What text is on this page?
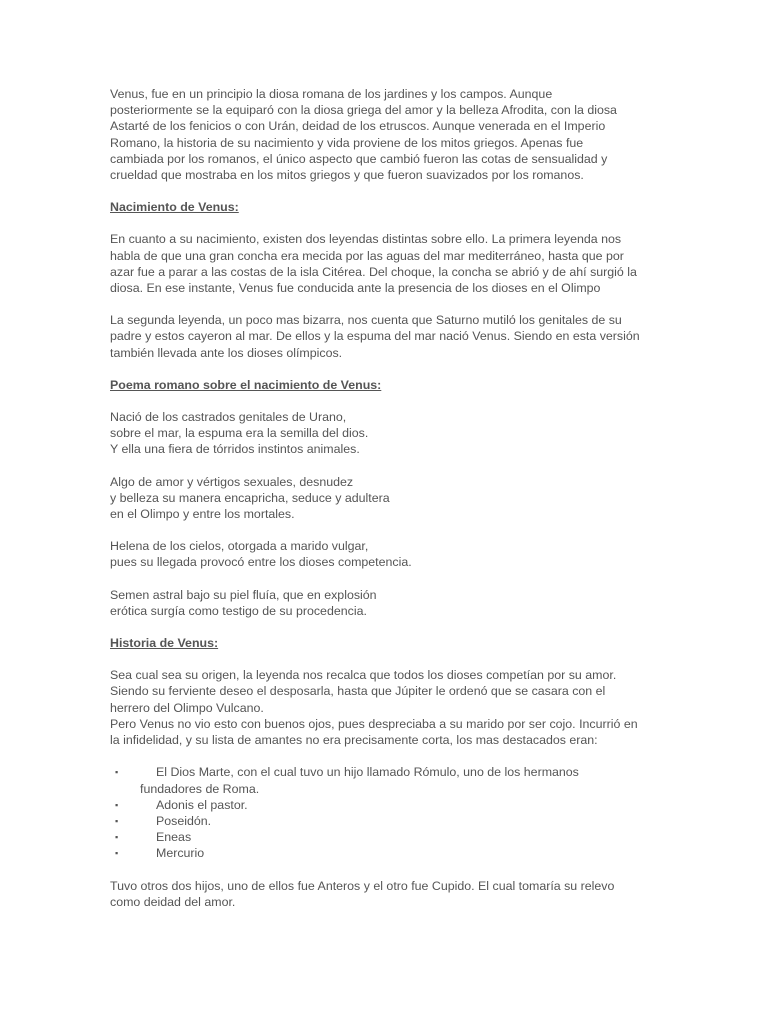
Venus, fue en un principio la diosa romana de los jardines y los campos. Aunque
posteriormente se la equiparó con la diosa griega del amor y la belleza Afrodita, con la diosa
Astarté de los fenicios o con Urán, deidad de los etruscos. Aunque venerada en el Imperio
Romano, la historia de su nacimiento y vida proviene de los mitos griegos. Apenas fue
cambiada por los romanos, el único aspecto que cambió fueron las cotas de sensualidad y
crueldad que mostraba en los mitos griegos y que fueron suavizados por los romanos.

Nacimiento de Venus:

En cuanto a su nacimiento, existen dos leyendas distintas sobre ello. La primera leyenda nos
habla de que una gran concha era mecida por las aguas del mar mediterráneo, hasta que por
azar fue a parar a las costas de la isla Citérea. Del choque, la concha se abrió y de ahí surgió la
diosa. En ese instante, Venus fue conducida ante la presencia de los dioses en el Olimpo

La segunda leyenda, un poco mas bizarra, nos cuenta que Saturno mutiló los genitales de su
padre y estos cayeron al mar. De ellos y la espuma del mar nació Venus. Siendo en esta versión
también llevada ante los dioses olímpicos.

Poema romano sobre el nacimiento de Venus:

Nació de los castrados genitales de Urano,
sobre el mar, la espuma era la semilla del dios.
Y ella una fiera de tórridos instintos animales.

Algo de amor y vértigos sexuales, desnudez
y belleza su manera encapricha, seduce y adultera
en el Olimpo y entre los mortales.

Helena de los cielos, otorgada a marido vulgar,
pues su llegada provocó entre los dioses competencia.

Semen astral bajo su piel fluía, que en explosión
erótica surgía como testigo de su procedencia.

Historia de Venus:

Sea cual sea su origen, la leyenda nos recalca que todos los dioses competían por su amor.
Siendo su ferviente deseo el desposarla, hasta que Júpiter le ordenó que se casara con el
herrero del Olimpo Vulcano.
Pero Venus no vio esto con buenos ojos, pues despreciaba a su marido por ser cojo. Incurrió en
la infidelidad, y su lista de amantes no era precisamente corta, los mas destacados eran:

▪	El Dios Marte, con el cual tuvo un hijo llamado Rómulo, uno de los hermanos
fundadores de Roma.
▪	Adonis el pastor.
▪	Poseidón.
▪	Eneas
▪	Mercurio

Tuvo otros dos hijos, uno de ellos fue Anteros y el otro fue Cupido. El cual tomaría su relevo
como deidad del amor.
